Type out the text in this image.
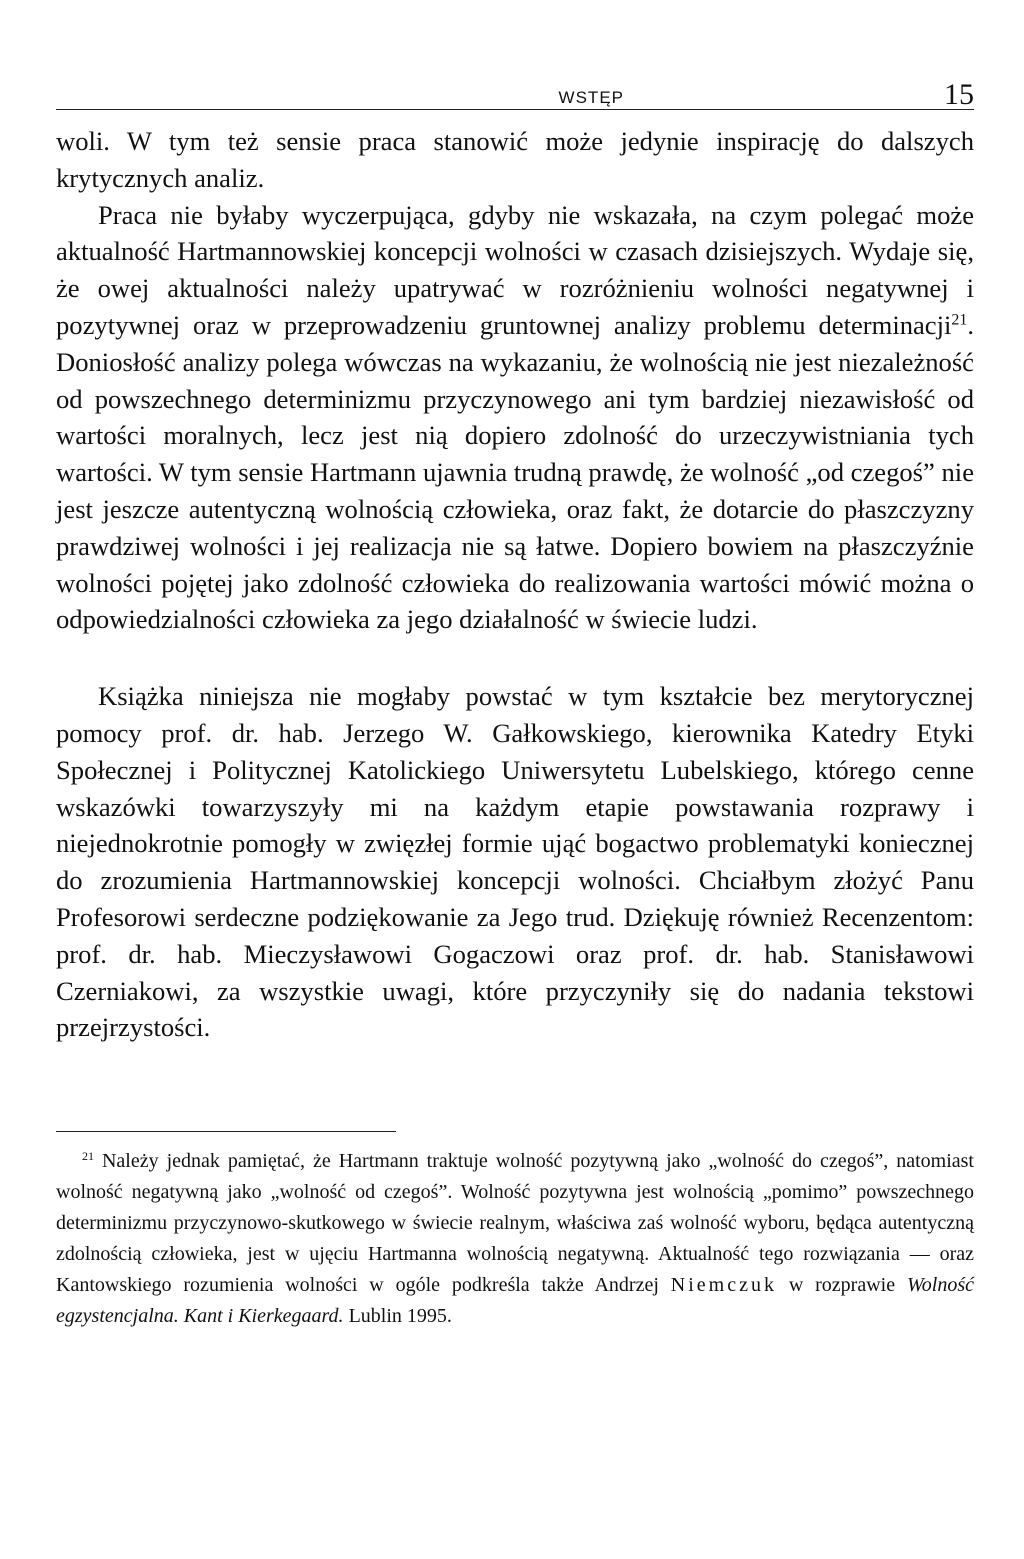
WSTĘP	15

woli. W tym też sensie praca stanowić może jedynie inspirację do dalszych krytycznych analiz.

Praca nie byłaby wyczerpująca, gdyby nie wskazała, na czym polegać może aktualność Hartmannowskiej koncepcji wolności w czasach dzisiejszych. Wydaje się, że owej aktualności należy upatrywać w rozróżnieniu wolności negatywnej i pozytywnej oraz w przeprowadzeniu gruntownej analizy problemu determinacji$^{21}$. Doniosłość analizy polega wówczas na wykazaniu, że wolnością nie jest niezależność od powszechnego determinizmu przyczynowego ani tym bardziej niezawisłość od wartości moralnych, lecz jest nią dopiero zdolność do urzeczywistniania tych wartości. W tym sensie Hartmann ujawnia trudną prawdę, że wolność „od czegoś” nie jest jeszcze autentyczną wolnością człowieka, oraz fakt, że dotarcie do płaszczyzny prawdziwej wolności i jej realizacja nie są łatwe. Dopiero bowiem na płaszczyźnie wolności pojętej jako zdolność człowieka do realizowania wartości mówić można o odpowiedzialności człowieka za jego działalność w świecie ludzi.

Książka niniejsza nie mogłaby powstać w tym kształcie bez merytorycznej pomocy prof. dr. hab. Jerzego W. Gałkowskiego, kierownika Katedry Etyki Społecznej i Politycznej Katolickiego Uniwersytetu Lubelskiego, którego cenne wskazówki towarzyszyły mi na każdym etapie powstawania rozprawy i niejednokrotnie pomogły w zwięzłej formie ująć bogactwo problematyki koniecznej do zrozumienia Hartmannowskiej koncepcji wolności. Chciałbym złożyć Panu Profesorowi serdeczne podziękowanie za Jego trud. Dziękuję również Recenzentom: prof. dr. hab. Mieczysławowi Gogaczowi oraz prof. dr. hab. Stanisławowi Czerniakowi, za wszystkie uwagi, które przyczyniły się do nadania tekstowi przejrzystości.

$^{21}$ Należy jednak pamiętać, że Hartmann traktuje wolność pozytywną jako „wolność do czegoś”, natomiast wolność negatywną jako „wolność od czegoś”. Wolność pozytywna jest wolnością „pomimo” powszechnego determinizmu przyczynowo-skutkowego w świecie realnym, właściwa zaś wolność wyboru, będąca autentyczną zdolnością człowieka, jest w ujęciu Hartmanna wolnością negatywną. Aktualność tego rozwiązania — oraz Kantowskiego rozumienia wolności w ogóle podkreśla także Andrzej Niemczuk w rozprawie Wolność egzystencjalna. Kant i Kierkegaard. Lublin 1995.
